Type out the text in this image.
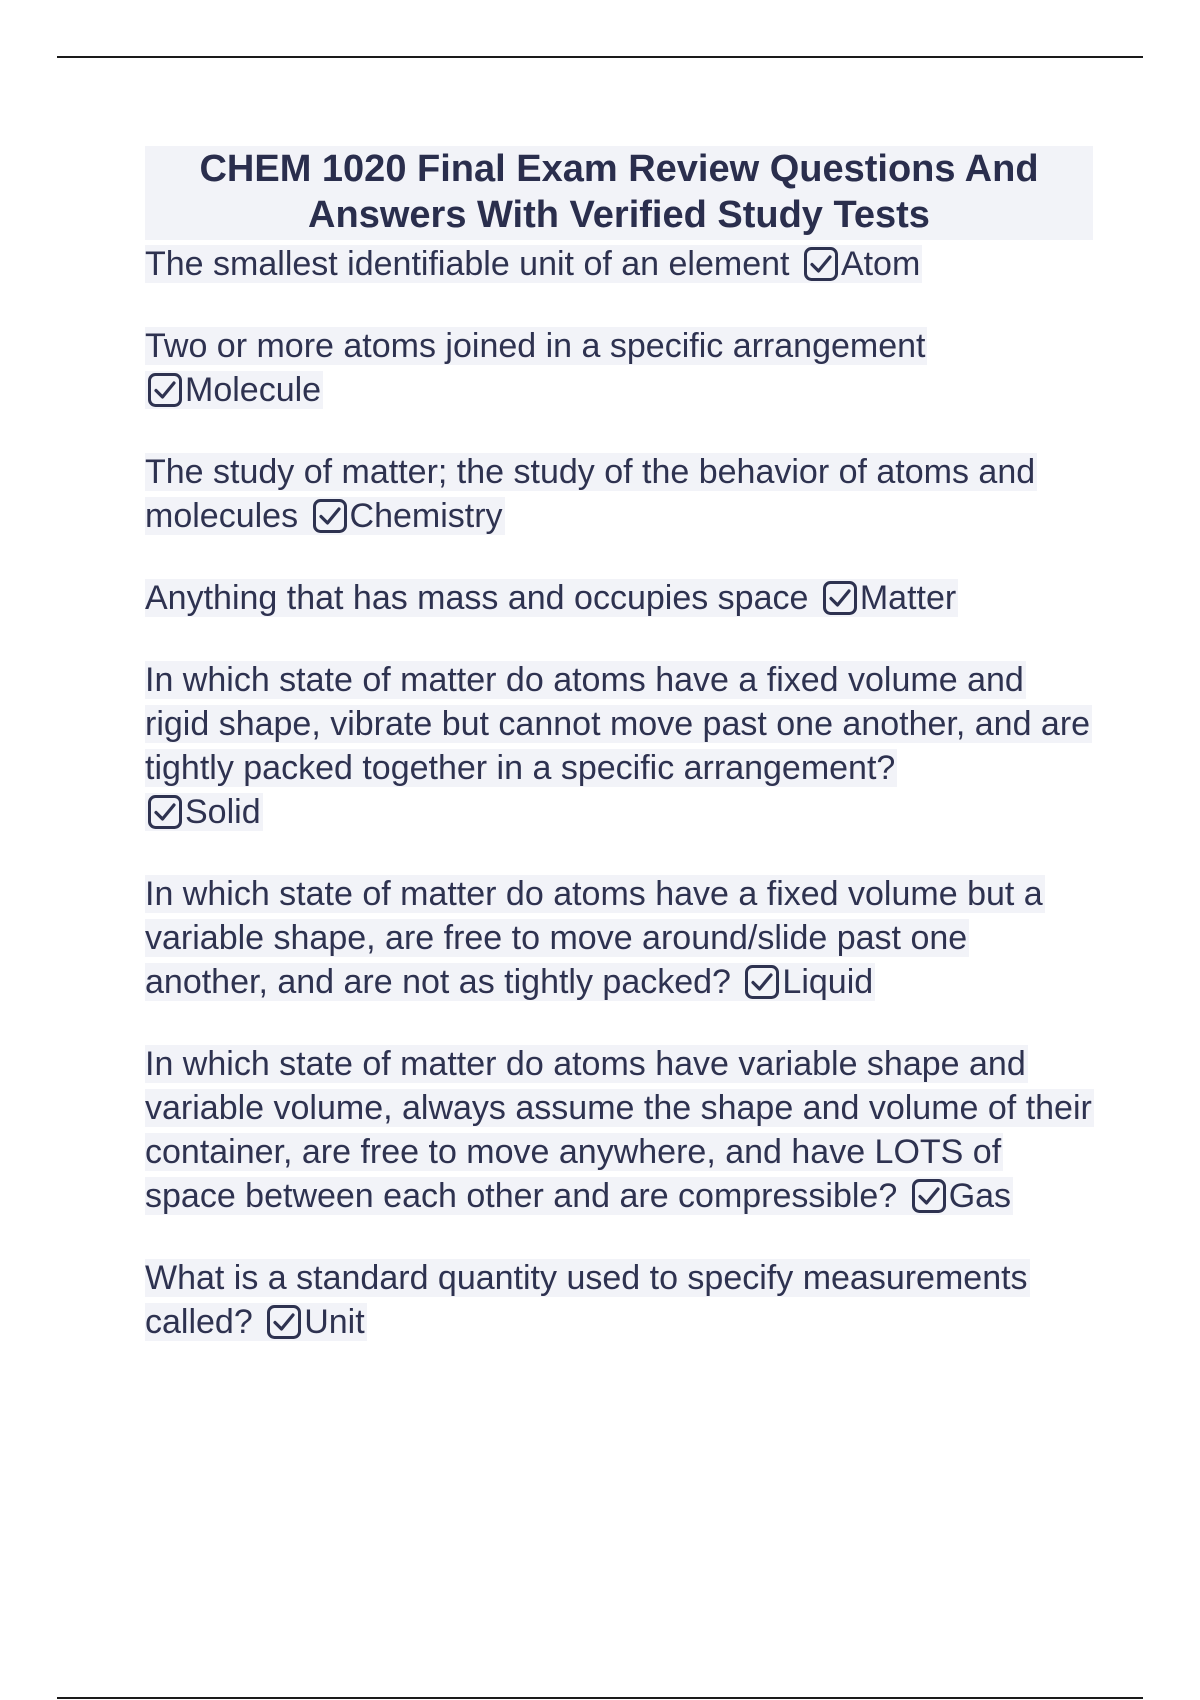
CHEM 1020 Final Exam Review Questions And Answers With Verified Study Tests

The smallest identifiable unit of an element Atom

Two or more atoms joined in a specific arrangement

Molecule

The study of matter; the study of the behavior of atoms and molecules Chemistry

Anything that has mass and occupies space Matter

In which state of matter do atoms have a fixed volume and rigid shape, vibrate but cannot move past one another, and are tightly packed together in a specific arrangement?

Solid

In which state of matter do atoms have a fixed volume but a variable shape, are free to move around/slide past one another, and are not as tightly packed? Liquid

In which state of matter do atoms have variable shape and variable volume, always assume the shape and volume of their container, are free to move anywhere, and have LOTS of space between each other and are compressible? Gas

What is a standard quantity used to specify measurements called? Unit
